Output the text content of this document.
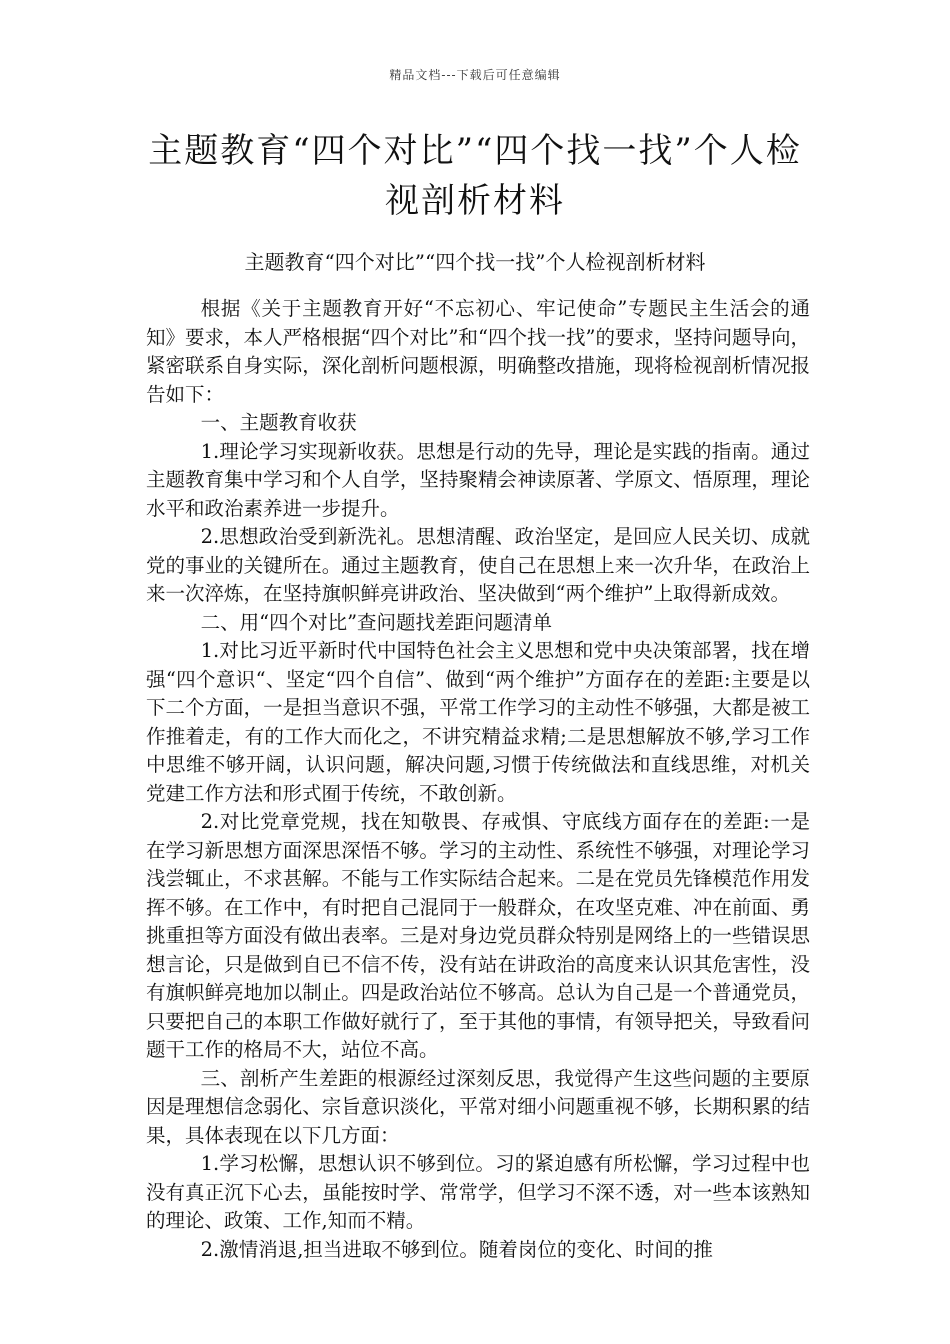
精品文档---下载后可任意编辑
主题教育“四个对比”“四个找一找”个人检视剖析材料
主题教育“四个对比”“四个找一找”个人检视剖析材料

根据《关于主题教育开好“不忘初心、牢记使命”专题民主生活会的通知》要求，本人严格根据“四个对比”和“四个找一找”的要求，坚持问题导向，紧密联系自身实际，深化剖析问题根源，明确整改措施，现将检视剖析情况报告如下：

一、主题教育收获

1.理论学习实现新收获。思想是行动的先导，理论是实践的指南。通过主题教育集中学习和个人自学，坚持聚精会神读原著、学原文、悟原理，理论水平和政治素养进一步提升。

2.思想政治受到新洗礼。思想清醒、政治坚定，是回应人民关切、成就党的事业的关键所在。通过主题教育，使自己在思想上来一次升华，在政治上来一次淬炼，在坚持旗帜鲜亮讲政治、坚决做到“两个维护”上取得新成效。

二、用“四个对比”查问题找差距问题清单

1.对比习近平新时代中国特色社会主义思想和党中央决策部署，找在增强“四个意识“、坚定“四个自信”、做到“两个维护”方面存在的差距:主要是以下二个方面，一是担当意识不强，平常工作学习的主动性不够强，大都是被工作推着走，有的工作大而化之，不讲究精益求精;二是思想解放不够,学习工作中思维不够开阔，认识问题，解决问题,习惯于传统做法和直线思维，对机关党建工作方法和形式囿于传统，不敢创新。

2.对比党章党规，找在知敬畏、存戒惧、守底线方面存在的差距:一是在学习新思想方面深思深悟不够。学习的主动性、系统性不够强，对理论学习浅尝辄止，不求甚解。不能与工作实际结合起来。二是在党员先锋模范作用发挥不够。在工作中，有时把自己混同于一般群众，在攻坚克难、冲在前面、勇挑重担等方面没有做出表率。三是对身边党员群众特别是网络上的一些错误思想言论，只是做到自已不信不传，没有站在讲政治的高度来认识其危害性，没有旗帜鲜亮地加以制止。四是政治站位不够高。总认为自己是一个普通党员，只要把自己的本职工作做好就行了，至于其他的事情，有领导把关，导致看问题干工作的格局不大，站位不高。

三、剖析产生差距的根源经过深刻反思，我觉得产生这些问题的主要原因是理想信念弱化、宗旨意识淡化，平常对细小问题重视不够，长期积累的结果，具体表现在以下几方面：

1.学习松懈，思想认识不够到位。习的紧迫感有所松懈，学习过程中也没有真正沉下心去，虽能按时学、常常学，但学习不深不透，对一些本该熟知的理论、政策、工作,知而不精。

2.激情消退,担当进取不够到位。随着岗位的变化、时间的推
